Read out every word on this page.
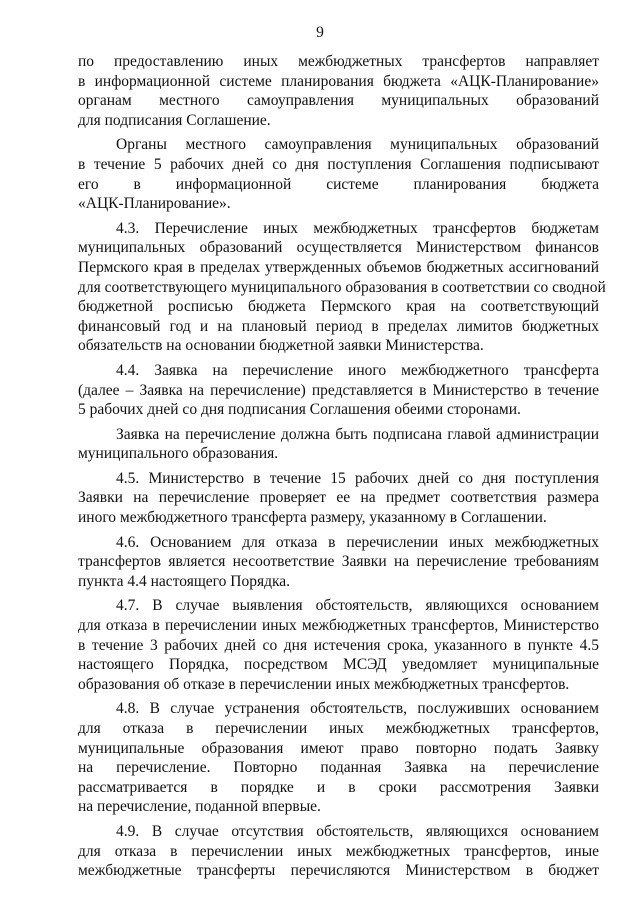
9
по предоставлению иных межбюджетных трансфертов направляет
в информационной системе планирования бюджета «АЦК-Планирование»
органам местного самоуправления муниципальных образований
для подписания Соглашение.
Органы местного самоуправления муниципальных образований
в течение 5 рабочих дней со дня поступления Соглашения подписывают
его в информационной системе планирования бюджета
«АЦК-Планирование».
4.3. Перечисление иных межбюджетных трансфертов бюджетам
муниципальных образований осуществляется Министерством финансов
Пермского края в пределах утвержденных объемов бюджетных ассигнований
для соответствующего муниципального образования в соответствии со сводной
бюджетной росписью бюджета Пермского края на соответствующий
финансовый год и на плановый период в пределах лимитов бюджетных
обязательств на основании бюджетной заявки Министерства.
4.4. Заявка на перечисление иного межбюджетного трансферта
(далее – Заявка на перечисление) представляется в Министерство в течение
5 рабочих дней со дня подписания Соглашения обеими сторонами.
Заявка на перечисление должна быть подписана главой администрации
муниципального образования.
4.5. Министерство в течение 15 рабочих дней со дня поступления
Заявки на перечисление проверяет ее на предмет соответствия размера
иного межбюджетного трансферта размеру, указанному в Соглашении.
4.6. Основанием для отказа в перечислении иных межбюджетных
трансфертов является несоответствие Заявки на перечисление требованиям
пункта 4.4 настоящего Порядка.
4.7. В случае выявления обстоятельств, являющихся основанием
для отказа в перечислении иных межбюджетных трансфертов, Министерство
в течение 3 рабочих дней со дня истечения срока, указанного в пункте 4.5
настоящего Порядка, посредством МСЭД уведомляет муниципальные
образования об отказе в перечислении иных межбюджетных трансфертов.
4.8. В случае устранения обстоятельств, послуживших основанием
для отказа в перечислении иных межбюджетных трансфертов,
муниципальные образования имеют право повторно подать Заявку
на перечисление. Повторно поданная Заявка на перечисление
рассматривается в порядке и в сроки рассмотрения Заявки
на перечисление, поданной впервые.
4.9. В случае отсутствия обстоятельств, являющихся основанием
для отказа в перечислении иных межбюджетных трансфертов, иные
межбюджетные трансферты перечисляются Министерством в бюджет
